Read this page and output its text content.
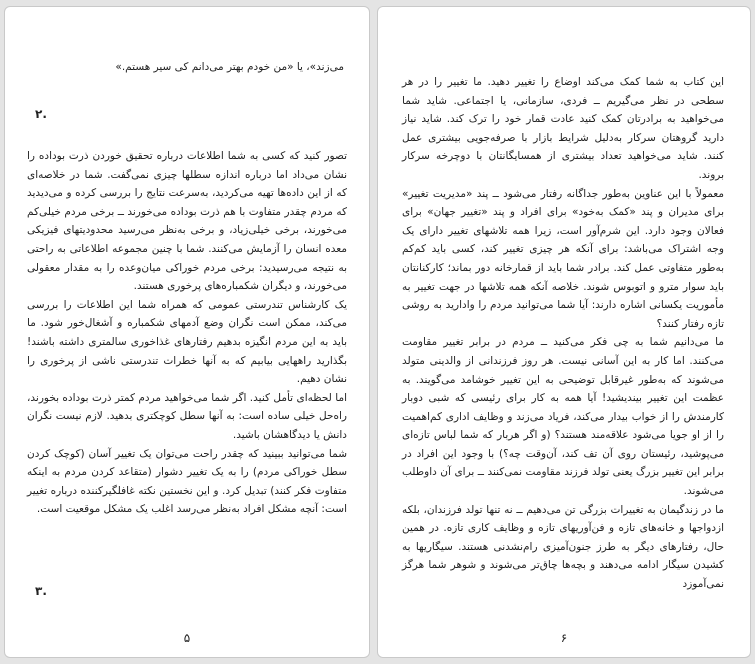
می‌زند»، یا «من خودم بهتر می‌دانم کی سیر هستم.»

۲.

تصور کنید که کسی به شما اطلاعات درباره تحقیق خوردن ذرت بوداده را نشان می‌داد اما درباره اندازه سطلها چیزی نمی‌گفت. شما در خلاصه‌ای که از این داده‌ها تهیه می‌کردید، به‌سرعت نتایج را بررسی کرده و می‌دیدید که مردم چقدر متفاوت با هم ذرت بوداده می‌خورند ــ برخی مردم خیلی‌کم می‌خورند، برخی خیلی‌زیاد، و برخی به‌نظر می‌رسید محدودیتهای فیزیکی معده انسان را آزمایش می‌کنند. شما با چنین مجموعه اطلاعاتی به راحتی به نتیجه می‌رسیدید: برخی مردم خوراکی میان‌وعده را به مقدار معقولی می‌خورند، و دیگران شکمباره‌های پرخوری هستند.

یک کارشناس تندرستی عمومی که همراه شما این اطلاعات را بررسی می‌کند، ممکن است نگران وضع آدمهای شکمباره و آشغال‌خور شود. ما باید به این مردم انگیزه بدهیم رفتارهای غذاخوری سالمتری داشته باشند! بگذارید راههایی بیابیم که به آنها خطرات تندرستی ناشی از پرخوری را نشان دهیم.

اما لحظه‌ای تأمل کنید. اگر شما می‌خواهید مردم کمتر ذرت بوداده بخورند، راه‌حل خیلی ساده است: به آنها سطل کوچکتری بدهید. لازم نیست نگران دانش یا دیدگاهشان باشید.

شما می‌توانید ببینید که چقدر راحت می‌توان یک تغییر آسان (کوچک کردن سطل خوراکی مردم) را به یک تغییر دشوار (متقاعد کردن مردم به اینکه متفاوت فکر کنند) تبدیل کرد. و این نخستین نکته غافلگیرکننده درباره تغییر است: آنچه مشکل افراد به‌نظر می‌رسد اغلب یک مشکل موقعیت است.

۳.
۵

این کتاب به شما کمک می‌کند اوضاع را تغییر دهید. ما تغییر را در هر سطحی در نظر می‌گیریم ــ فردی، سازمانی، یا اجتماعی. شاید شما می‌خواهید به برادرتان کمک کنید عادت قمار خود را ترک کند. شاید نیاز دارید گروهتان سرکار به‌دلیل شرایط بازار با صرفه‌جویی بیشتری عمل کنند. شاید می‌خواهید تعداد بیشتری از همسایگانتان با دوچرخه سرکار بروند.

معمولاً با این عناوین به‌طور جداگانه رفتار می‌شود ــ پند «مدیریت تغییر» برای مدیران و پند «کمک به‌خود» برای افراد و پند «تغییر جهان» برای فعالان وجود دارد. این شرم‌آور است، زیرا همه تلاشهای تغییر دارای یک وجه اشتراک می‌باشد: برای آنکه هر چیزی تغییر کند، کسی باید کم‌کم به‌طور متفاوتی عمل کند. برادر شما باید از قمارخانه دور بماند؛ کارکنانتان باید سوار مترو و اتوبوس شوند. خلاصه آنکه همه تلاشها در جهت تغییر به مأموریت یکسانی اشاره دارند: آیا شما می‌توانید مردم را وادارید به روشی تازه رفتار کنند؟

ما می‌دانیم شما به چی فکر می‌کنید ــ مردم در برابر تغییر مقاومت می‌کنند. اما کار به این آسانی نیست. هر روز فرزندانی از والدینی متولد می‌شوند که به‌طور غیرقابل توضیحی به این تغییر خوشامد می‌گویند. به عظمت این تغییر بیندیشید! آیا همه به کار برای رئیسی که شبی دوبار کارمندش را از خواب بیدار می‌کند، فریاد می‌زند و وظایف اداری کم‌اهمیت را از او جویا می‌شود علاقه‌مند هستند؟ (و اگر هربار که شما لباس تازه‌ای می‌پوشید، رئیستان روی آن تف کند، آن‌وقت چه؟) با وجود این افراد در برابر این تغییر بزرگ یعنی تولد فرزند مقاومت نمی‌کنند ــ برای آن داوطلب می‌شوند.

ما در زندگیمان به تغییرات بزرگی تن می‌دهیم ــ نه تنها تولد فرزندان، بلکه ازدواجها و خانه‌های تازه و فن‌آوریهای تازه و وظایف کاری تازه. در همین حال، رفتارهای دیگر به طرز جنون‌آمیزی رام‌نشدنی هستند. سیگاریها به کشیدن سیگار ادامه می‌دهند و بچه‌ها چاق‌تر می‌شوند و شوهر شما هرگز نمی‌آموزد

۶
